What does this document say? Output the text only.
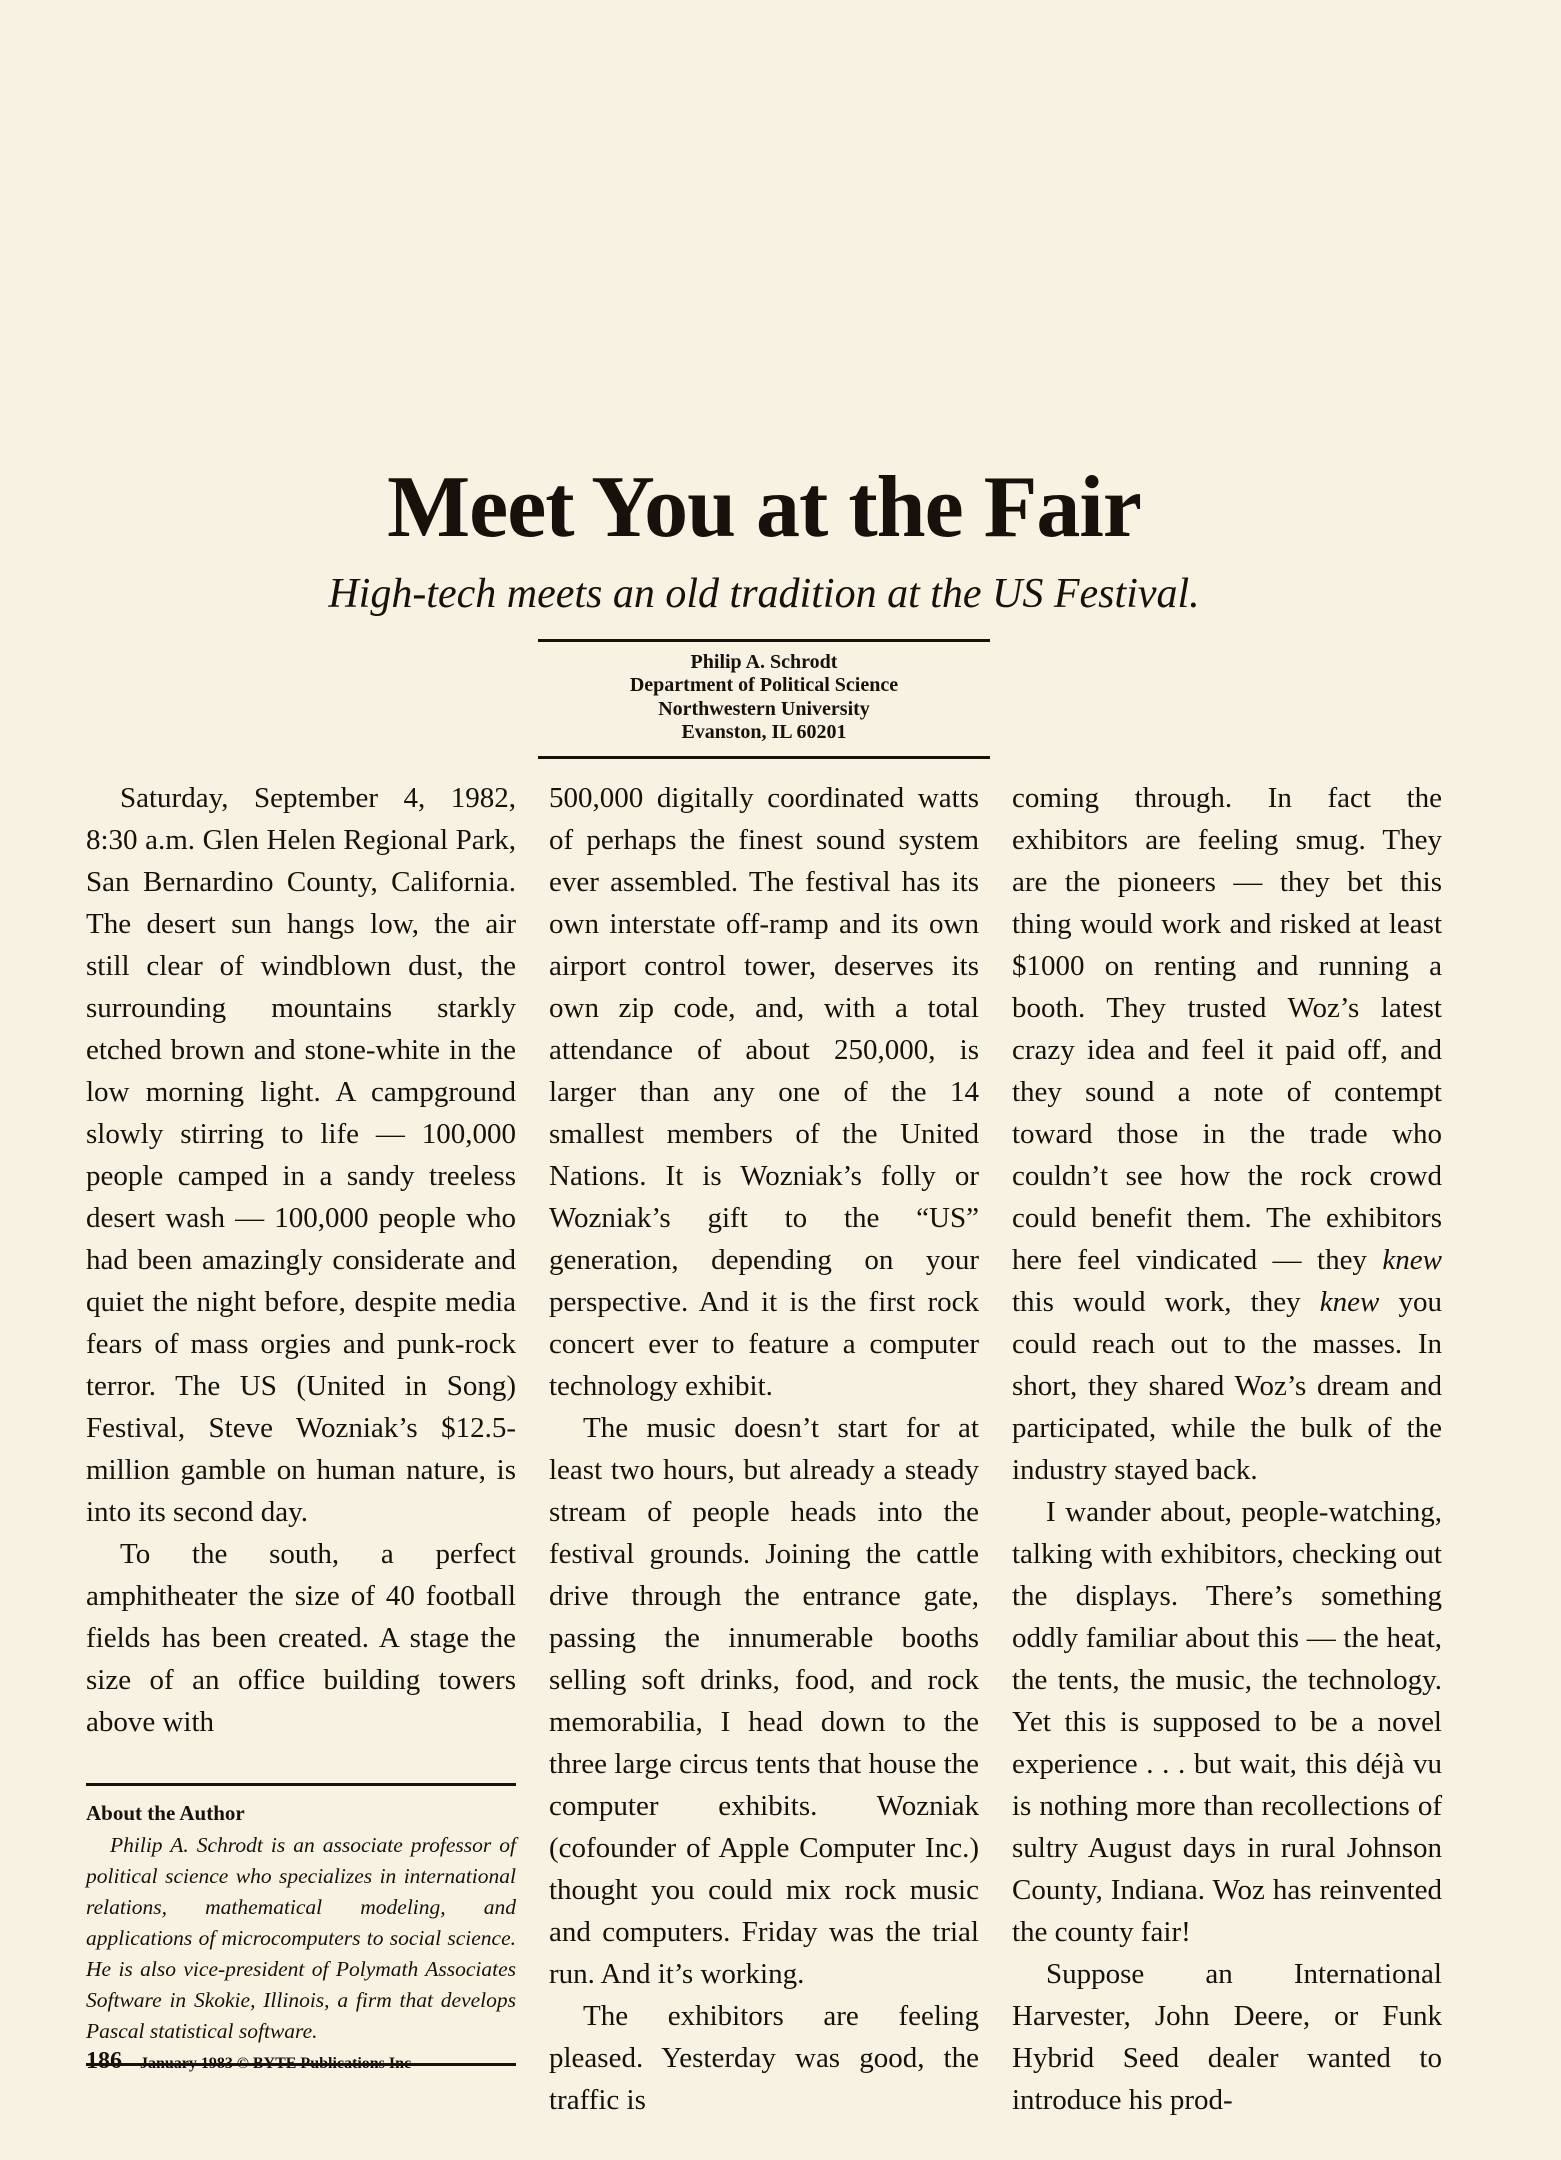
Meet You at the Fair
High-tech meets an old tradition at the US Festival.
Philip A. Schrodt
Department of Political Science
Northwestern University
Evanston, IL 60201

Saturday, September 4, 1982, 8:30 a.m. Glen Helen Regional Park, San Bernardino County, California. The desert sun hangs low, the air still clear of windblown dust, the surrounding mountains starkly etched brown and stone-white in the low morning light. A campground slowly stirring to life — 100,000 people camped in a sandy treeless desert wash — 100,000 people who had been amazingly considerate and quiet the night before, despite media fears of mass orgies and punk-rock terror. The US (United in Song) Festival, Steve Wozniak’s $12.5-million gamble on human nature, is into its second day.

To the south, a perfect amphitheater the size of 40 football fields has been created. A stage the size of an office building towers above with

About the Author
Philip A. Schrodt is an associate professor of political science who specializes in international relations, mathematical modeling, and applications of microcomputers to social science. He is also vice-president of Polymath Associates Software in Skokie, Illinois, a firm that develops Pascal statistical software.

500,000 digitally coordinated watts of perhaps the finest sound system ever assembled. The festival has its own interstate off-ramp and its own airport control tower, deserves its own zip code, and, with a total attendance of about 250,000, is larger than any one of the 14 smallest members of the United Nations. It is Wozniak’s folly or Wozniak’s gift to the “US” generation, depending on your perspective. And it is the first rock concert ever to feature a computer technology exhibit.

The music doesn’t start for at least two hours, but already a steady stream of people heads into the festival grounds. Joining the cattle drive through the entrance gate, passing the innumerable booths selling soft drinks, food, and rock memorabilia, I head down to the three large circus tents that house the computer exhibits. Wozniak (cofounder of Apple Computer Inc.) thought you could mix rock music and computers. Friday was the trial run. And it’s working.

The exhibitors are feeling pleased. Yesterday was good, the traffic is

coming through. In fact the exhibitors are feeling smug. They are the pioneers — they bet this thing would work and risked at least $1000 on renting and running a booth. They trusted Woz’s latest crazy idea and feel it paid off, and they sound a note of contempt toward those in the trade who couldn’t see how the rock crowd could benefit them. The exhibitors here feel vindicated — they knew this would work, they knew you could reach out to the masses. In short, they shared Woz’s dream and participated, while the bulk of the industry stayed back.

I wander about, people-watching, talking with exhibitors, checking out the displays. There’s something oddly familiar about this — the heat, the tents, the music, the technology. Yet this is supposed to be a novel experience . . . but wait, this déjà vu is nothing more than recollections of sultry August days in rural Johnson County, Indiana. Woz has reinvented the county fair!

Suppose an International Harvester, John Deere, or Funk Hybrid Seed dealer wanted to introduce his prod-

186 January 1983 © BYTE Publications Inc
